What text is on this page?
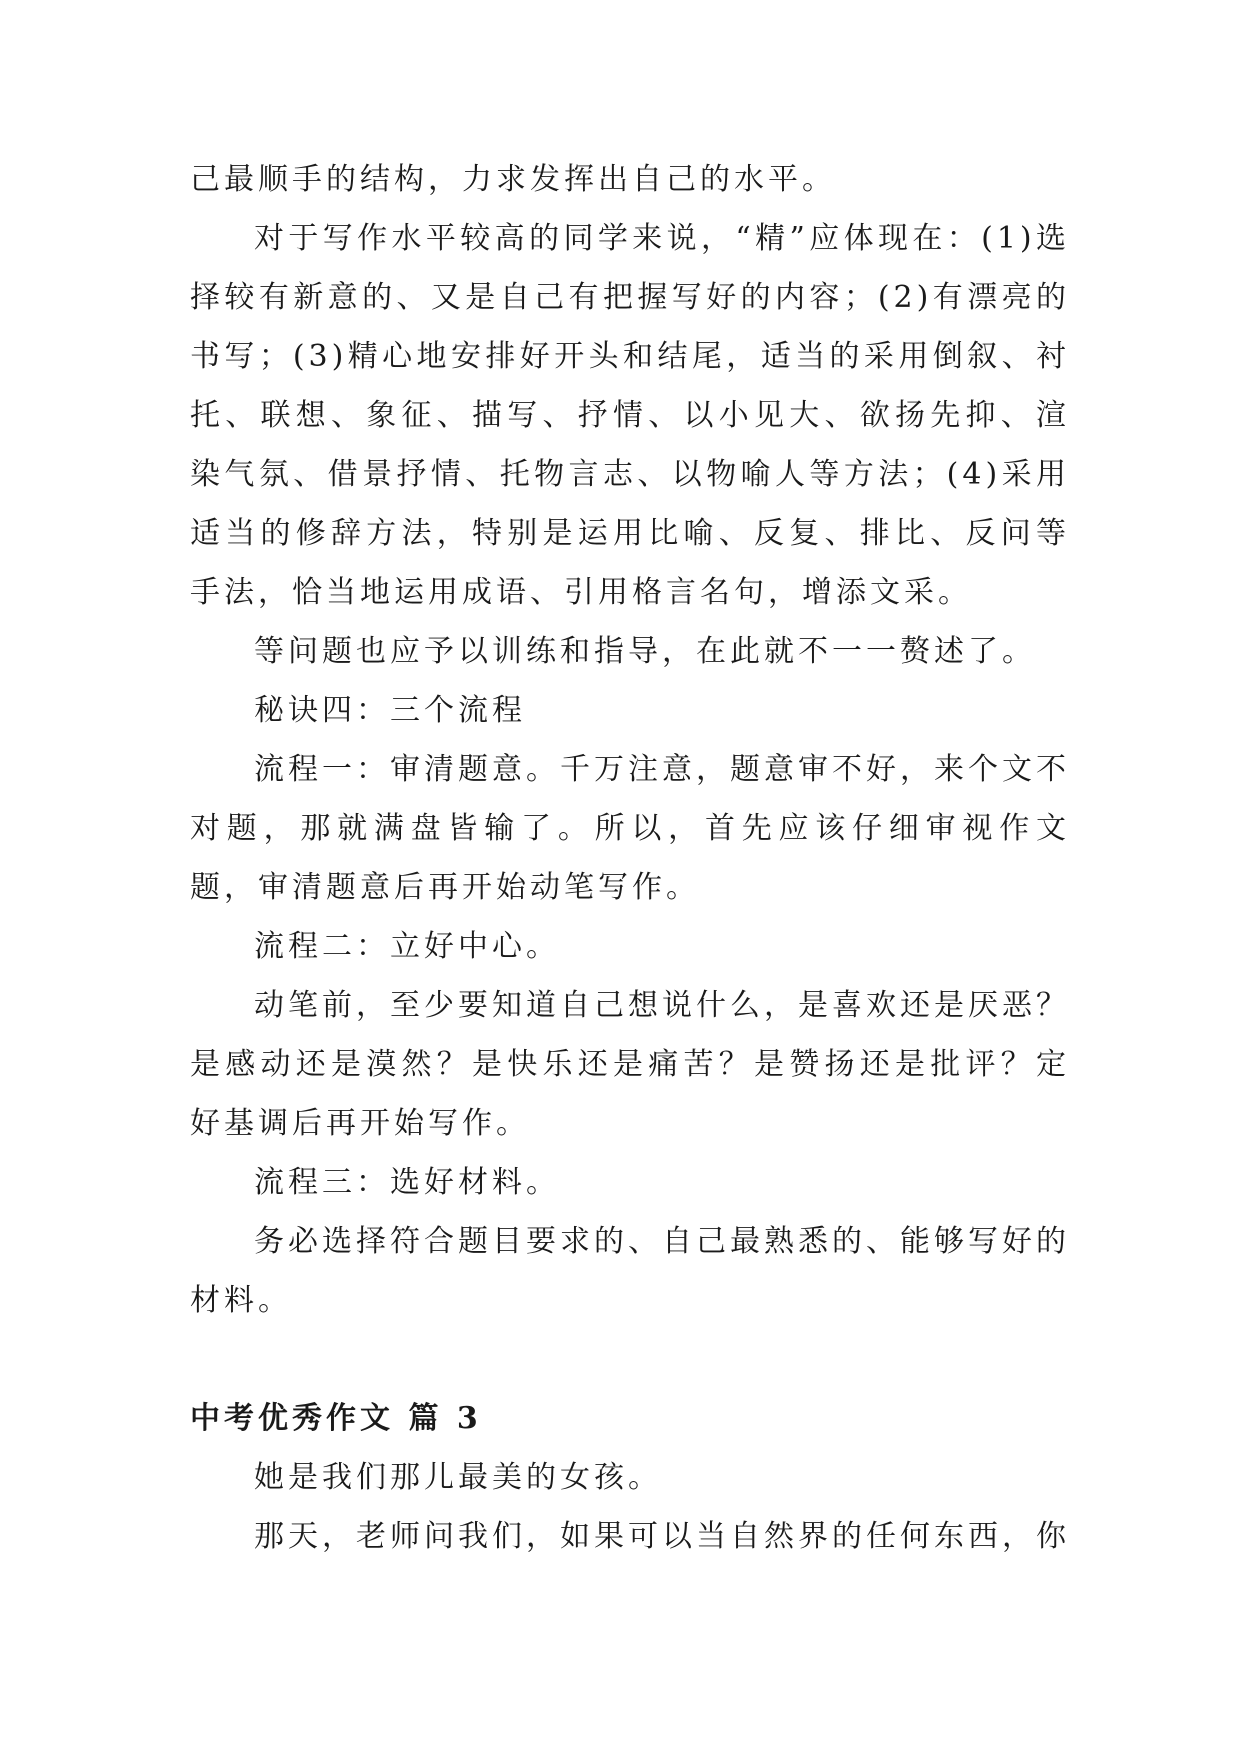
己最顺手的结构，力求发挥出自己的水平。

对于写作水平较高的同学来说，“精”应体现在：(1)选择较有新意的、又是自己有把握写好的内容；(2)有漂亮的书写；(3)精心地安排好开头和结尾，适当的采用倒叙、衬托、联想、象征、描写、抒情、以小见大、欲扬先抑、渲染气氛、借景抒情、托物言志、以物喻人等方法；(4)采用适当的修辞方法，特别是运用比喻、反复、排比、反问等手法，恰当地运用成语、引用格言名句，增添文采。

等问题也应予以训练和指导，在此就不一一赘述了。

秘诀四：三个流程

流程一：审清题意。千万注意，题意审不好，来个文不对题，那就满盘皆输了。所以，首先应该仔细审视作文题，审清题意后再开始动笔写作。

流程二：立好中心。

动笔前，至少要知道自己想说什么，是喜欢还是厌恶？是感动还是漠然？是快乐还是痛苦？是赞扬还是批评？定好基调后再开始写作。

流程三：选好材料。

务必选择符合题目要求的、自己最熟悉的、能够写好的材料。

中考优秀作文 篇 3

她是我们那儿最美的女孩。

那天，老师问我们，如果可以当自然界的任何东西，你
